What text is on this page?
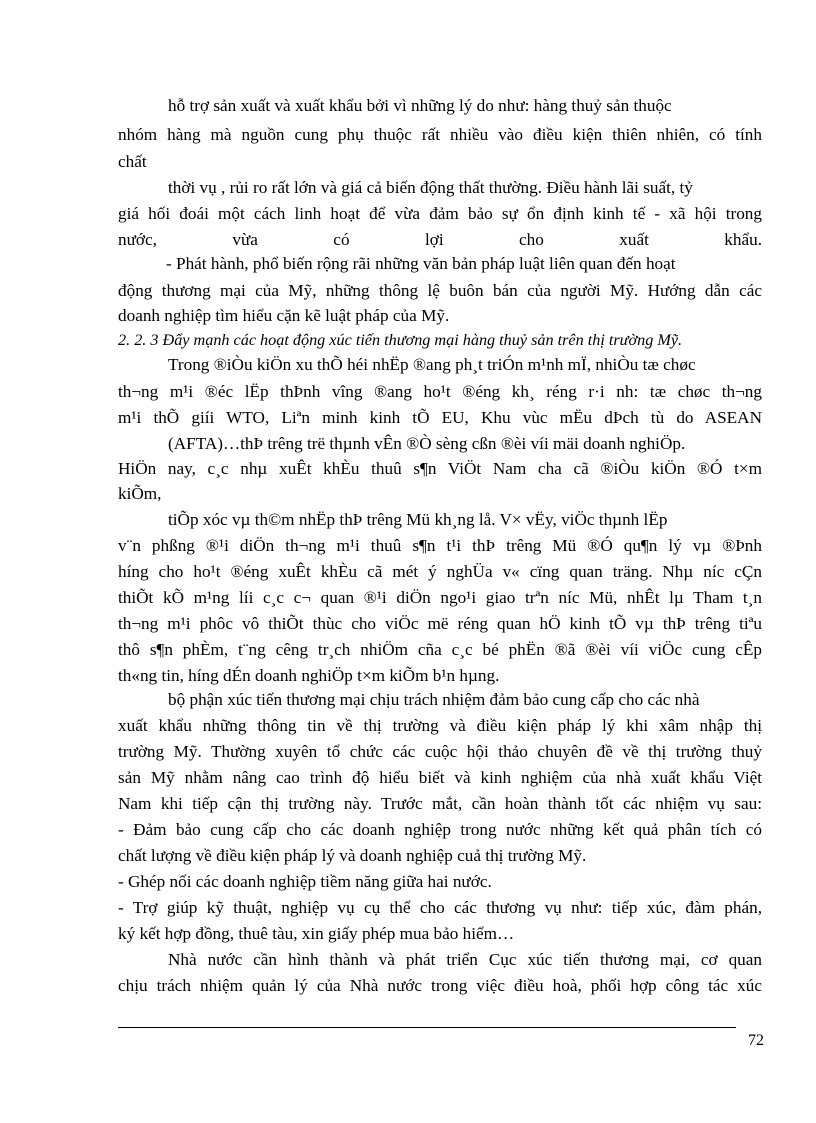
hỗ trợ sản xuất và xuất khẩu bởi vì những lý do như: hàng thuỷ sản thuộc
nhóm hàng mà nguồn cung phụ thuộc rất nhiều vào điều kiện thiên nhiên, có tính
chất
thời vụ , rủi ro rất lớn và giá cả biến động thất thường. Điều hành lãi suất, tỷ
giá hối đoái một cách linh hoạt để vừa đảm bảo sự ổn định kinh tế - xã hội trong
nước, vừa có lợi cho xuất khẩu.
- Phát hành, phổ biến rộng rãi những văn bản pháp luật liên quan đến hoạt
động thương mại của Mỹ, những thông lệ buôn bán của người Mỹ. Hướng dẫn các
doanh nghiệp tìm hiểu cặn kẽ luật pháp của Mỹ.
2. 2. 3 Đẩy mạnh các hoạt động xúc tiến thương mại hàng thuỷ sản trên thị trường Mỹ.
Trong ®iÒu kiÖn xu thÕ héi nhËp ®ang ph¸t triÓn m¹nh mÏ, nhiÒu tæ chøc
th¬ng m¹i ®éc lËp thÞnh vîng ®ang ho¹t ®éng kh¸ réng r·i nh: tæ chøc th¬ng
m¹i thÕ giíi WTO, Liªn minh kinh tÕ EU, Khu vùc mËu dÞch tù do ASEAN
(AFTA)…thÞ trêng trë thµnh vÊn ®Ò sèng cßn ®èi víi mäi doanh nghiÖp.
HiÖn nay, c¸c nhµ xuÊt khÈu thuû s¶n ViÖt Nam cha cã ®iÒu kiÖn ®Ó t×m
kiÕm,
tiÕp xóc vµ th©m nhËp thÞ trêng Mü kh¸ng lå. V× vËy, viÖc thµnh lËp
v¨n phßng ®¹i diÖn th¬ng m¹i thuû s¶n t¹i thÞ trêng Mü ®Ó qu¶n lý vµ ®Þnh
híng cho ho¹t ®éng xuÊt khÈu cã mét ý nghÜa v« cïng quan träng. Nhµ níc cÇn
thiÕt kÕ m¹ng líi c¸c c¬ quan ®¹i diÖn ngo¹i giao trªn níc Mü, nhÊt lµ Tham t¸n
th¬ng m¹i phôc vô thiÕt thùc cho viÖc më réng quan hÖ kinh tÕ vµ thÞ trêng tiªu
thô s¶n phÈm, t¨ng cêng tr¸ch nhiÖm cña c¸c bé phËn ®ã ®èi víi viÖc cung cÊp
th«ng tin, híng dÉn doanh nghiÖp t×m kiÕm b¹n hµng.
bộ phận xúc tiến thương mại chịu trách nhiệm đảm bảo cung cấp cho các nhà
xuất khẩu những thông tin về thị trường và điều kiện pháp lý khi xâm nhập thị
trường Mỹ. Thường xuyên tổ chức các cuộc hội thảo chuyên đề về thị trường thuỷ
sản Mỹ nhằm nâng cao trình độ hiểu biết và kinh nghiệm của nhà xuất khẩu Việt
Nam khi tiếp cận thị trường này. Trước mắt, cần hoàn thành tốt các nhiệm vụ sau:
- Đảm bảo cung cấp cho các doanh nghiệp trong nước những kết quả phân tích có
chất lượng về điều kiện pháp lý và doanh nghiệp cuả thị trường Mỹ.
- Ghép nối các doanh nghiệp tiềm năng giữa hai nước.
- Trợ giúp kỹ thuật, nghiệp vụ cụ thể cho các thương vụ như: tiếp xúc, đàm phán,
ký kết hợp đồng, thuê tàu, xin giấy phép mua bảo hiểm…
Nhà nước cần hình thành và phát triển Cục xúc tiến thương mại, cơ quan
chịu trách nhiệm quản lý của Nhà nước trong việc điều hoà, phối hợp công tác xúc
72
